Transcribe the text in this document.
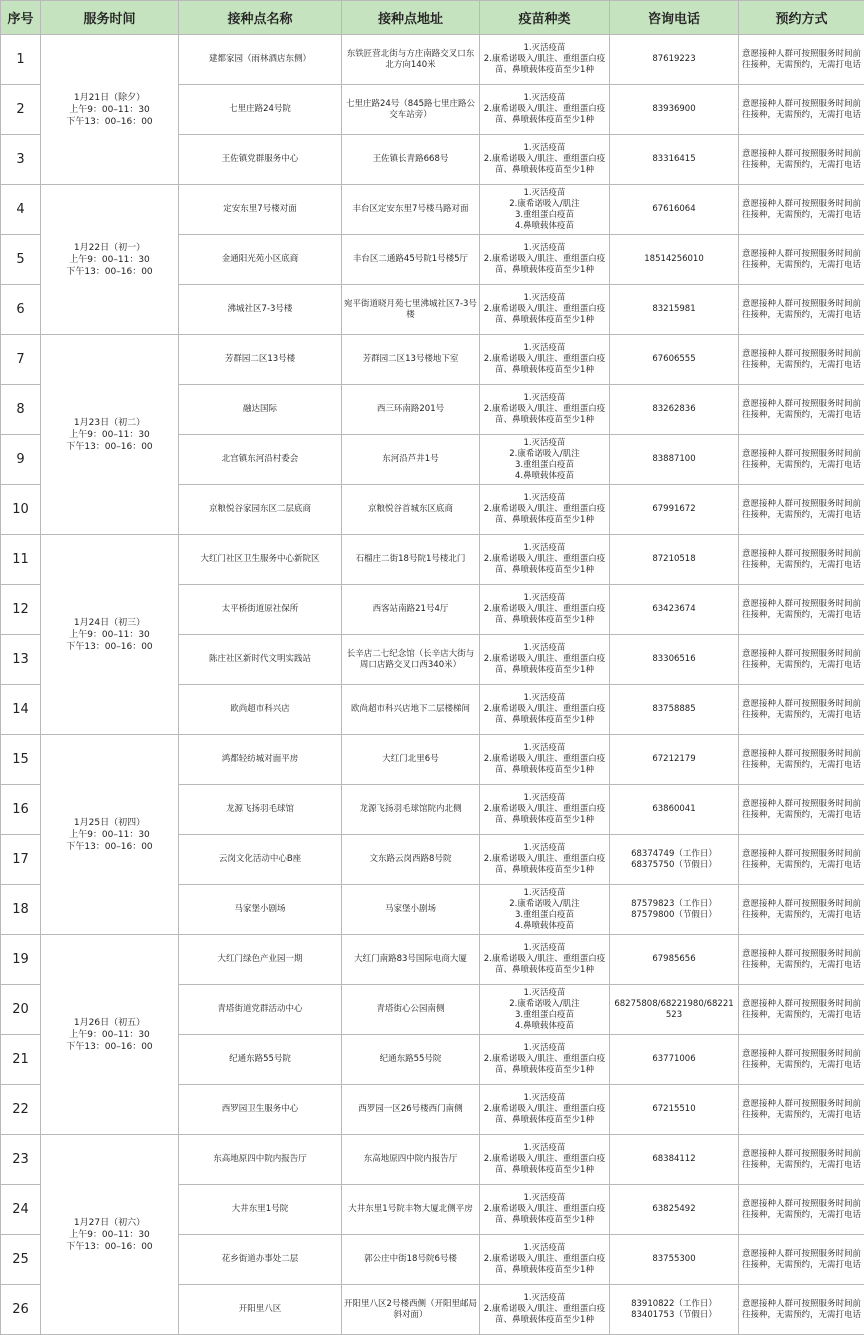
序号	服务时间	接种点名称	接种点地址	疫苗种类	咨询电话	预约方式
1	1月21日（除夕）
上午9：00–11：30
下午13：00–16：00	建都家园（雨林酒店东侧）	东铁匠营北街与方庄南路交叉口东北方向140米	1.灭活疫苗
2.康希诺吸入/肌注、重组蛋白疫苗、鼻喷载体疫苗至少1种	87619223	意愿接种人群可按照服务时间前往接种，无需预约，无需打电话
2		七里庄路24号院	七里庄路24号（845路七里庄路公交车站旁）	1.灭活疫苗
2.康希诺吸入/肌注、重组蛋白疫苗、鼻喷载体疫苗至少1种	83936900	意愿接种人群可按照服务时间前往接种，无需预约，无需打电话
3		王佐镇党群服务中心	王佐镇长青路668号	1.灭活疫苗
2.康希诺吸入/肌注、重组蛋白疫苗、鼻喷载体疫苗至少1种	83316415	意愿接种人群可按照服务时间前往接种，无需预约，无需打电话
4	1月22日（初一）
上午9：00–11：30
下午13：00–16：00	定安东里7号楼对面	丰台区定安东里7号楼马路对面	1.灭活疫苗
2.康希诺吸入/肌注
3.重组蛋白疫苗
4.鼻喷载体疫苗	67616064	意愿接种人群可按照服务时间前往接种，无需预约，无需打电话
5		金通阳光苑小区底商	丰台区二通路45号院1号楼5厅	1.灭活疫苗
2.康希诺吸入/肌注、重组蛋白疫苗、鼻喷载体疫苗至少1种	18514256010	意愿接种人群可按照服务时间前往接种，无需预约，无需打电话
6		沸城社区7-3号楼	宛平街道晓月苑七里沸城社区7-3号楼	1.灭活疫苗
2.康希诺吸入/肌注、重组蛋白疫苗、鼻喷载体疫苗至少1种	83215981	意愿接种人群可按照服务时间前往接种，无需预约，无需打电话
7	1月23日（初二）
上午9：00–11：30
下午13：00–16：00	芳群园二区13号楼	芳群园二区13号楼地下室	1.灭活疫苗
2.康希诺吸入/肌注、重组蛋白疫苗、鼻喷载体疫苗至少1种	67606555	意愿接种人群可按照服务时间前往接种，无需预约，无需打电话
8		融达国际	西三环南路201号	1.灭活疫苗
2.康希诺吸入/肌注、重组蛋白疫苗、鼻喷载体疫苗至少1种	83262836	意愿接种人群可按照服务时间前往接种，无需预约，无需打电话
9		北宫镇东河沿村委会	东河沿芦井1号	1.灭活疫苗
2.康希诺吸入/肌注
3.重组蛋白疫苗
4.鼻喷载体疫苗	83887100	意愿接种人群可按照服务时间前往接种，无需预约，无需打电话
10		京粮悦谷家园东区二层底商	京粮悦谷首城东区底商	1.灭活疫苗
2.康希诺吸入/肌注、重组蛋白疫苗、鼻喷载体疫苗至少1种	67991672	意愿接种人群可按照服务时间前往接种，无需预约，无需打电话
11	1月24日（初三）
上午9：00–11：30
下午13：00–16：00	大红门社区卫生服务中心新院区	石榴庄二街18号院1号楼北门	1.灭活疫苗
2.康希诺吸入/肌注、重组蛋白疫苗、鼻喷载体疫苗至少1种	87210518	意愿接种人群可按照服务时间前往接种，无需预约，无需打电话
12		太平桥街道原社保所	西客站南路21号4厅	1.灭活疫苗
2.康希诺吸入/肌注、重组蛋白疫苗、鼻喷载体疫苗至少1种	63423674	意愿接种人群可按照服务时间前往接种，无需预约，无需打电话
13		陈庄社区新时代文明实践站	长辛店二七纪念馆（长辛店大街与周口店路交叉口西340米）	1.灭活疫苗
2.康希诺吸入/肌注、重组蛋白疫苗、鼻喷载体疫苗至少1种	83306516	意愿接种人群可按照服务时间前往接种，无需预约，无需打电话
14		欧尚超市科兴店	欧尚超市科兴店地下二层楼梯间	1.灭活疫苗
2.康希诺吸入/肌注、重组蛋白疫苗、鼻喷载体疫苗至少1种	83758885	意愿接种人群可按照服务时间前往接种，无需预约，无需打电话
15	1月25日（初四）
上午9：00–11：30
下午13：00–16：00	鸿都轻纺城对面平房	大红门北里6号	1.灭活疫苗
2.康希诺吸入/肌注、重组蛋白疫苗、鼻喷载体疫苗至少1种	67212179	意愿接种人群可按照服务时间前往接种，无需预约，无需打电话
16		龙源飞扬羽毛球馆	龙源飞扬羽毛球馆院内北侧	1.灭活疫苗
2.康希诺吸入/肌注、重组蛋白疫苗、鼻喷载体疫苗至少1种	63860041	意愿接种人群可按照服务时间前往接种，无需预约，无需打电话
17		云岗文化活动中心B座	文东路云岗西路8号院	1.灭活疫苗
2.康希诺吸入/肌注、重组蛋白疫苗、鼻喷载体疫苗至少1种	68374749（工作日）
68375750（节假日）	意愿接种人群可按照服务时间前往接种，无需预约，无需打电话
18		马家堡小剧场	马家堡小剧场	1.灭活疫苗
2.康希诺吸入/肌注
3.重组蛋白疫苗
4.鼻喷载体疫苗	87579823（工作日）
87579800（节假日）	意愿接种人群可按照服务时间前往接种，无需预约，无需打电话
19	1月26日（初五）
上午9：00–11：30
下午13：00–16：00	大红门绿色产业园一期	大红门南路83号国际电商大厦	1.灭活疫苗
2.康希诺吸入/肌注、重组蛋白疫苗、鼻喷载体疫苗至少1种	67985656	意愿接种人群可按照服务时间前往接种，无需预约，无需打电话
20		青塔街道党群活动中心	青塔街心公园南侧	1.灭活疫苗
2.康希诺吸入/肌注
3.重组蛋白疫苗
4.鼻喷载体疫苗	68275808/68221980/68221523	意愿接种人群可按照服务时间前往接种，无需预约，无需打电话
21		纪通东路55号院	纪通东路55号院	1.灭活疫苗
2.康希诺吸入/肌注、重组蛋白疫苗、鼻喷载体疫苗至少1种	63771006	意愿接种人群可按照服务时间前往接种，无需预约，无需打电话
22		西罗园卫生服务中心	西罗园一区26号楼西门南侧	1.灭活疫苗
2.康希诺吸入/肌注、重组蛋白疫苗、鼻喷载体疫苗至少1种	67215510	意愿接种人群可按照服务时间前往接种，无需预约，无需打电话
23	1月27日（初六）
上午9：00–11：30
下午13：00–16：00	东高地原四中院内报告厅	东高地原四中院内报告厅	1.灭活疫苗
2.康希诺吸入/肌注、重组蛋白疫苗、鼻喷载体疫苗至少1种	68384112	意愿接种人群可按照服务时间前往接种，无需预约，无需打电话
24		大井东里1号院	大井东里1号院丰物大厦北侧平房	1.灭活疫苗
2.康希诺吸入/肌注、重组蛋白疫苗、鼻喷载体疫苗至少1种	63825492	意愿接种人群可按照服务时间前往接种，无需预约，无需打电话
25		花乡街道办事处二层	郭公庄中街18号院6号楼	1.灭活疫苗
2.康希诺吸入/肌注、重组蛋白疫苗、鼻喷载体疫苗至少1种	83755300	意愿接种人群可按照服务时间前往接种，无需预约，无需打电话
26		开阳里八区	开阳里八区2号楼西侧（开阳里邮局斜对面）	1.灭活疫苗
2.康希诺吸入/肌注、重组蛋白疫苗、鼻喷载体疫苗至少1种	83910822（工作日）
83401753（节假日）	意愿接种人群可按照服务时间前往接种，无需预约，无需打电话
